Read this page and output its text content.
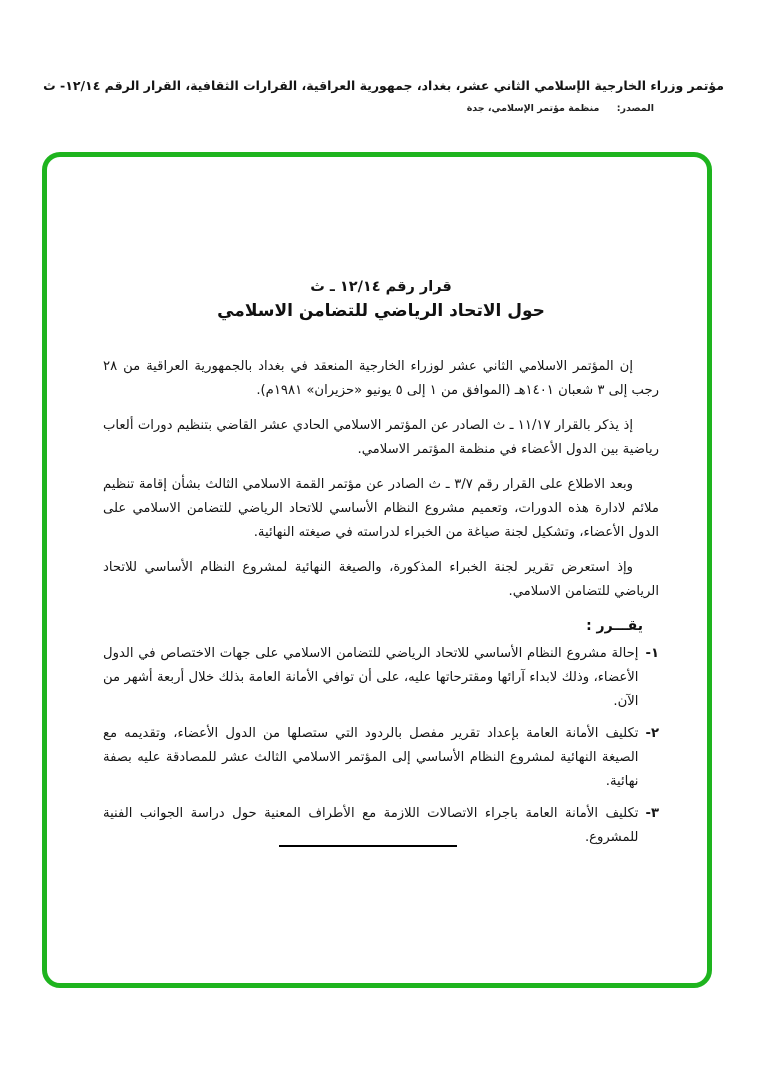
مؤتمر وزراء الخارجية الإسلامي الثاني عشر، بغداد، جمهورية العراقية، القرارات الثقافية، القرار الرقم ١٢/١٤- ث
المصدر: منظمة مؤتمر الإسلامي، جدة
قرار رقم ١٢/١٤ ـ ث
حول الاتحاد الرياضي للتضامن الاسلامي

إن المؤتمر الاسلامي الثاني عشر لوزراء الخارجية المنعقد في بغداد بالجمهورية العراقية من ٢٨ رجب إلى ٣ شعبان ١٤٠١هـ (الموافق من ١ إلى ٥ يونيو «حزيران» ١٩٨١م).

إذ يذكر بالقرار ١١/١٧ ـ ث الصادر عن المؤتمر الاسلامي الحادي عشر القاضي بتنظيم دورات ألعاب رياضية بين الدول الأعضاء في منظمة المؤتمر الاسلامي.

وبعد الاطلاع على القرار رقم ٣/٧ ـ ث الصادر عن مؤتمر القمة الاسلامي الثالث بشأن إقامة تنظيم ملائم لادارة هذه الدورات، وتعميم مشروع النظام الأساسي للاتحاد الرياضي للتضامن الاسلامي على الدول الأعضاء، وتشكيل لجنة صياغة من الخبراء لدراسته في صيغته النهائية.

وإذ استعرض تقرير لجنة الخبراء المذكورة، والصيغة النهائية لمشروع النظام الأساسي للاتحاد الرياضي للتضامن الاسلامي.

يقـــرر :
١-
إحالة مشروع النظام الأساسي للاتحاد الرياضي للتضامن الاسلامي على جهات الاختصاص في الدول الأعضاء، وذلك لابداء آرائها ومقترحاتها عليه، على أن توافي الأمانة العامة بذلك خلال أربعة أشهر من الآن.
٢-
تكليف الأمانة العامة بإعداد تقرير مفصل بالردود التي ستصلها من الدول الأعضاء، وتقديمه مع الصيغة النهائية لمشروع النظام الأساسي إلى المؤتمر الاسلامي الثالث عشر للمصادقة عليه بصفة نهائية.
٣-
تكليف الأمانة العامة باجراء الاتصالات اللازمة مع الأطراف المعنية حول دراسة الجوانب الفنية للمشروع.
